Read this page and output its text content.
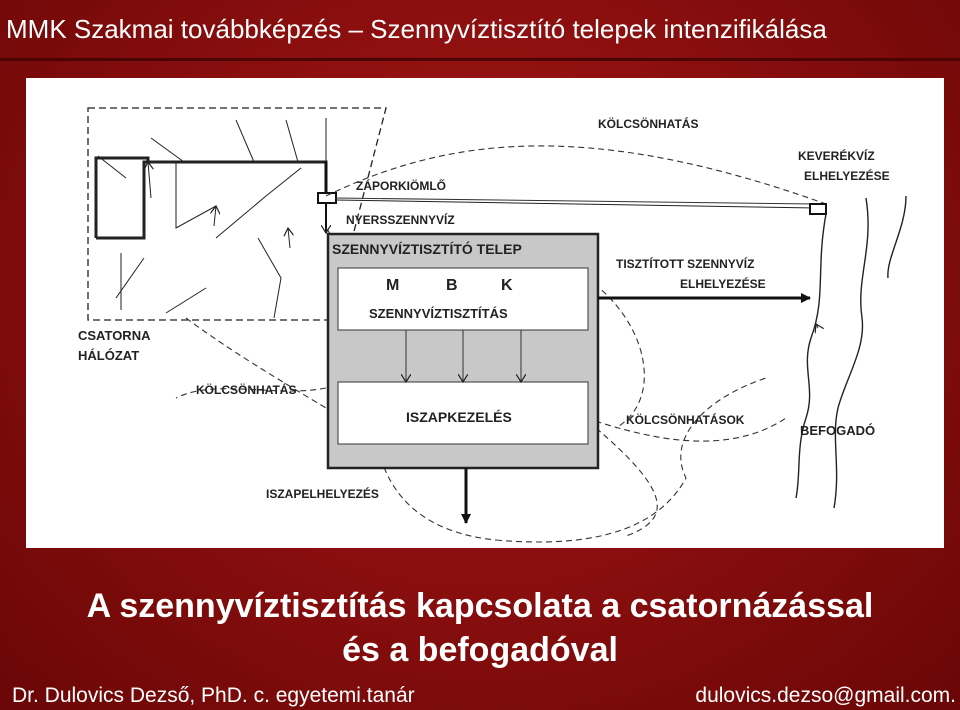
MMK Szakmai továbbképzés – Szennyvíztisztító telepek intenzifikálása
KÖLCSÖNHATÁS
KEVERÉKVÍZ
ELHELYEZÉSE
ZÁPORKIÖMLŐ
NYERSSZENNYVÍZ
SZENNYVÍZTISZTÍTÓ TELEP
M	B	K
SZENNYVÍZTISZTÍTÁS
TISZTÍTOTT SZENNYVÍZ
ELHELYEZÉSE
CSATORNA
HÁLÓZAT
KÖLCSÖNHATÁS
ISZAPKEZELÉS	KÖLCSÖNHATÁSOK
BEFOGADÓ
ISZAPELHELYEZÉS

A szennyvíztisztítás kapcsolata a csatornázással

és a befogadóval

Dr. Dulovics Dezső, PhD. c. egyetemi.tanár	dulovics.dezso@gmail.com.
